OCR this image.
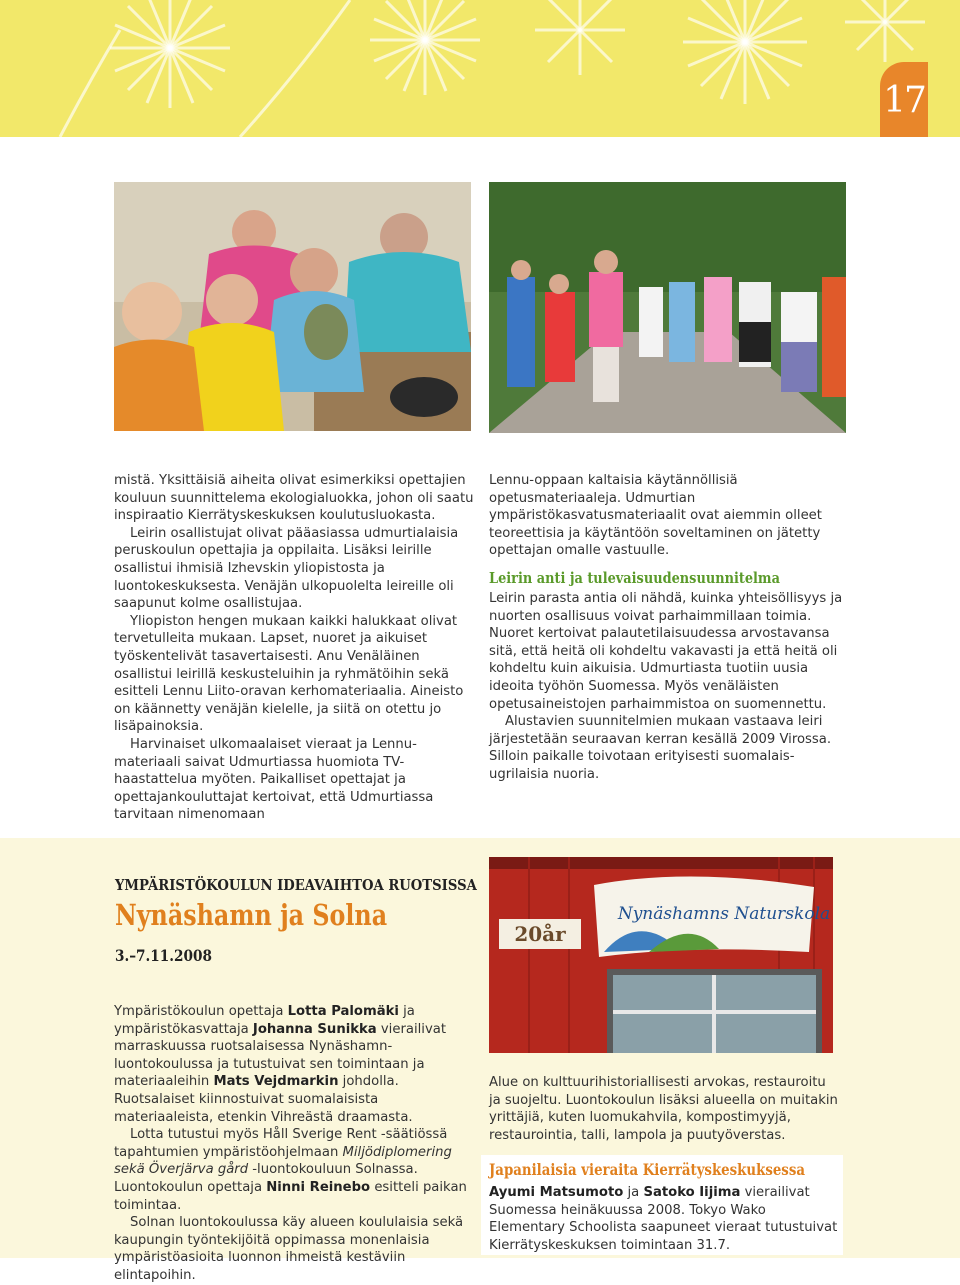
17

mistä. Yksittäisiä aiheita olivat esimerkiksi opettajien kouluun suunnittelema ekologialuokka, johon oli saatu inspiraatio Kierrätyskeskuksen koulutusluokasta.

Leirin osallistujat olivat pääasiassa udmurtialaisia peruskoulun opettajia ja oppilaita. Lisäksi leirille osallistui ihmisiä Izhevskin yliopistosta ja luontokeskuksesta. Venäjän ulkopuolelta leireille oli saapunut kolme osallistujaa.

Yliopiston hengen mukaan kaikki halukkaat olivat tervetulleita mukaan. Lapset, nuoret ja aikuiset työskentelivät tasavertaisesti. Anu Venäläinen osallistui leirillä keskusteluihin ja ryhmätöihin sekä esitteli Lennu Liito-oravan kerhomateriaalia. Aineisto on käännetty venäjän kielelle, ja siitä on otettu jo lisäpainoksia.

Harvinaiset ulkomaalaiset vieraat ja Lennu-materiaali saivat Udmurtiassa huomiota TV-haastattelua myöten. Paikalliset opettajat ja opettajankouluttajat kertoivat, että Udmurtiassa tarvitaan nimenomaan

Lennu-oppaan kaltaisia käytännöllisiä opetusmateriaaleja. Udmurtian ympäristökasvatusmateriaalit ovat aiemmin olleet teoreettisia ja käytäntöön soveltaminen on jätetty opettajan omalle vastuulle.

Leirin anti ja tulevaisuudensuunnitelma

Leirin parasta antia oli nähdä, kuinka yhteisöllisyys ja nuorten osallisuus voivat parhaimmillaan toimia. Nuoret kertoivat palautetilaisuudessa arvostavansa sitä, että heitä oli kohdeltu vakavasti ja että heitä oli kohdeltu kuin aikuisia. Udmurtiasta tuotiin uusia ideoita työhön Suomessa. Myös venäläisten opetusaineistojen parhaimmistoa on suomennettu.

Alustavien suunnitelmien mukaan vastaava leiri järjestetään seuraavan kerran kesällä 2009 Virossa. Silloin paikalle toivotaan erityisesti suomalais-ugrilaisia nuoria.

YMPÄRISTÖKOULUN IDEAVAIHTOA RUOTSISSA
Nynäshamn ja Solna
3.–7.11.2008
20år
Nynäshamns Naturskola

Ympäristökoulun opettaja Lotta Palomäki ja ympäristökasvattaja Johanna Sunikka vierailivat marraskuussa ruotsalaisessa Nynäshamn-luontokoulussa ja tutustuivat sen toimintaan ja materiaaleihin Mats Vejdmarkin johdolla. Ruotsalaiset kiinnostuivat suomalaisista materiaaleista, etenkin Vihreästä draamasta.

Lotta tutustui myös Håll Sverige Rent -säätiössä tapahtumien ympäristöohjelmaan Miljödiplomering sekä Överjärva gård -luontokouluun Solnassa. Luontokoulun opettaja Ninni Reinebo esitteli paikan toimintaa.

Solnan luontokoulussa käy alueen koululaisia sekä kaupungin työntekijöitä oppimassa monenlaisia ympäristöasioita luonnon ihmeistä kestäviin elintapoihin.

Alue on kulttuurihistoriallisesti arvokas, restauroitu ja suojeltu. Luontokoulun lisäksi alueella on muitakin yrittäjiä, kuten luomukahvila, kompostimyyjä, restaurointia, talli, lampola ja puutyöverstas.

Japanilaisia vieraita Kierrätyskeskuksessa

Ayumi Matsumoto ja Satoko Iijima vierailivat Suomessa heinäkuussa 2008. Tokyo Wako Elementary Schoolista saapuneet vieraat tutustuivat Kierrätyskeskuksen toimintaan 31.7.
